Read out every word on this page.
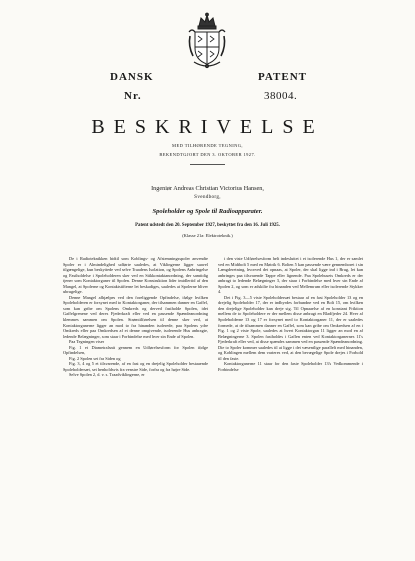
DANSK
Nr.
PATENT
38004.
BESKRIVELSE
MED TILHØRENDE TEGNING,
BEKENDTGJORT DEN 3. OKTOBER 1927.
Ingeniør Andreas Christian Victorius Hansen,
Svendborg,
Spoleholder og Spole til Radioapparater.
Patent udstedt den 20. September 1927, beskyttet fra den 16. Juli 1925.
(Klasse 21a: Elektroteknik.)

De i Radioteknikken hidtil som Koblings- og Afstemningsspoler anvendte Spoler er i Almindelighed udførte saaledes, at Viklingerne ligger saavel tilgængelige, kun beskyttede ved selve Traadens Isolation, og Spolens Anbringelse og Fastholdelse i Spoleholderen sker ved en Stikkontaktanordning, der samtidig tjener som Kontaktorganer til Spolen. Denne Konstruktion lider imidlertid af den Mangel, at Spolerne og Kontaktstifterne let beskadiges, saaledes at Spolerne bliver ubrugelige.

Denne Mangel afhjælpes ved den foreliggende Opfindelse, ifølge hvilken Spoleholderen er forsynet med to Kontaktorganer, der tilsammen danner en Gaffel, som kan gribe om Spolens Omkreds og derved fastholde Spolen, idet Gaffelgrenene ved deres Fjederkraft eller ved en passende Spændeanordning klemmes sammen om Spolen. Strømtilførelsen til denne sker ved, at Kontaktorganerne ligger an mod to fra hinanden isolerede, paa Spolens ydre Omkreds eller paa Omkredsen af et denne omgivende, isolerende Hus anbragte, ledende Belægninger, som staar i Forbindelse med hver sin Ende af Spolen.

Paa Tegningen viser

Fig. 1 et Diametralsnit gennem en Udførelsesform for Spolen ifølge Opfindelsen,

Fig. 2 Spolen set fra Siden og

Fig. 3, 4 og 5 et tilsvarende, af en fast og en drejelig Spoleholder bestaaende Spoleholdersæt, set henholdsvis fra venstre Side, forfra og fra højre Side.

Selve Spolen 2, d. v. s. Traadviklingerne, er

i den viste Udførelsesform helt indesluttet i et isolerende Hus 1, der er samlet ved en Midtbolt 5 med en Møtrik 6. Bolten 5 kan passende være gennemboret i sin Længderetning, hvorved det opnaas, at Spoler, der skal ligge ind i Brug, let kan anbringes paa tilsvarende Tappe eller lignende. Paa Spolehusets Omkreds er der anbragt to ledende Belægninger 3, der staar i Forbindelse med hver sin Ende af Spolen 2, og som er adskilte fra hinanden ved Mellemrum eller isolerende Stykker 4.

Det i Fig. 3—5 viste Spoleholdersæt bestaar af en fast Spoleholder 13 og en drejelig Spoleholder 17, der er indbyrdes forbundne ved en Bolt 15, om hvilken den drejelige Spoleholder kan dreje sig. Til Opnaaelse af en konstant Friktion mellem de to Spoleholdere er der mellem disse anbragt en Bladfjeder 24. Hver af Spoleholderne 13 og 17 er forsynet med to Kontaktorganer 11, der er saaledes formede, at de tilsammen danner en Gaffel, som kan gribe om Omkredsen af en i Fig. 1 og 2 viste Spole, saaledes at hvert Kontaktorgan 11 ligger an mod en af Belægningerne 3. Spolen fastholdes i Gaflen enten ved Kontaktorganernes 11's Fjederkraft eller ved, at disse spændes sammen ved en passende Spændeanordning. Die to Spoler kommer saaledes til at ligge i det væsentlige parallelt med hinanden, og Koblingen mellem dem varieres ved, at den bevægelige Spole drejes i Forhold til den faste.

Kontaktorganerne 11 staar for den faste Spoleholder 13's Vedkommende i Forbindelse
